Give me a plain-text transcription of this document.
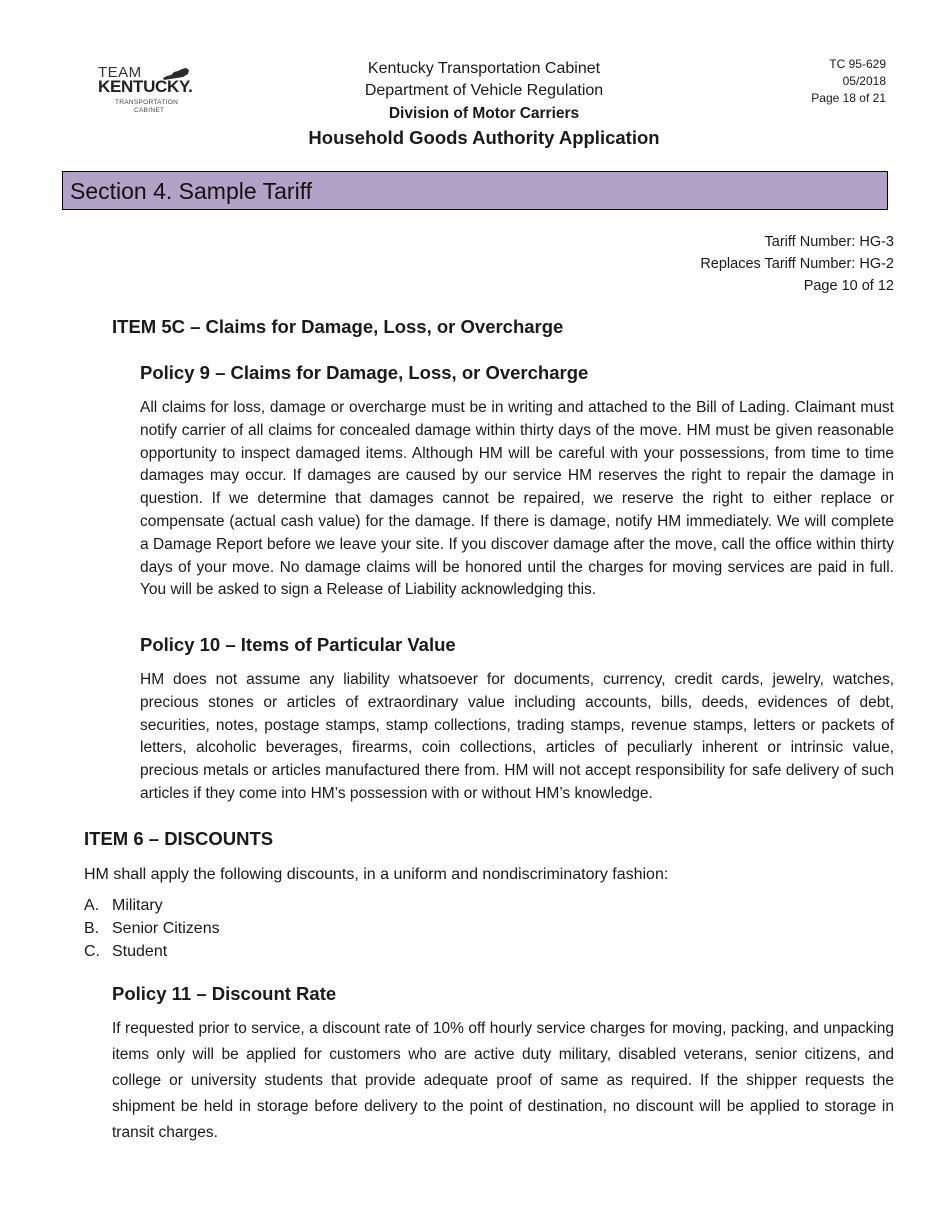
TEAM
KENTUCKY.
TRANSPORTATION
CABINET
Kentucky Transportation Cabinet
Department of Vehicle Regulation
Division of Motor Carriers
Household Goods Authority Application
TC 95-629
05/2018
Page 18 of 21
Section 4. Sample Tariff
Tariff Number: HG-3
Replaces Tariff Number: HG-2
Page 10 of 12
ITEM 5C – Claims for Damage, Loss, or Overcharge
Policy 9 – Claims for Damage, Loss, or Overcharge
All claims for loss, damage or overcharge must be in writing and attached to the Bill of Lading. Claimant must notify carrier of all claims for concealed damage within thirty days of the move. HM must be given reasonable opportunity to inspect damaged items. Although HM will be careful with your possessions, from time to time damages may occur. If damages are caused by our service HM reserves the right to repair the damage in question. If we determine that damages cannot be repaired, we reserve the right to either replace or compensate (actual cash value) for the damage. If there is damage, notify HM immediately. We will complete a Damage Report before we leave your site. If you discover damage after the move, call the office within thirty days of your move. No damage claims will be honored until the charges for moving services are paid in full. You will be asked to sign a Release of Liability acknowledging this.
Policy 10 – Items of Particular Value
HM does not assume any liability whatsoever for documents, currency, credit cards, jewelry, watches, precious stones or articles of extraordinary value including accounts, bills, deeds, evidences of debt, securities, notes, postage stamps, stamp collections, trading stamps, revenue stamps, letters or packets of letters, alcoholic beverages, firearms, coin collections, articles of peculiarly inherent or intrinsic value, precious metals or articles manufactured there from. HM will not accept responsibility for safe delivery of such articles if they come into HM’s possession with or without HM’s knowledge.
ITEM 6 – DISCOUNTS
HM shall apply the following discounts, in a uniform and nondiscriminatory fashion:
A. Military
B. Senior Citizens
C. Student
Policy 11 – Discount Rate
If requested prior to service, a discount rate of 10% off hourly service charges for moving, packing, and unpacking items only will be applied for customers who are active duty military, disabled veterans, senior citizens, and college or university students that provide adequate proof of same as required. If the shipper requests the shipment be held in storage before delivery to the point of destination, no discount will be applied to storage in transit charges.
